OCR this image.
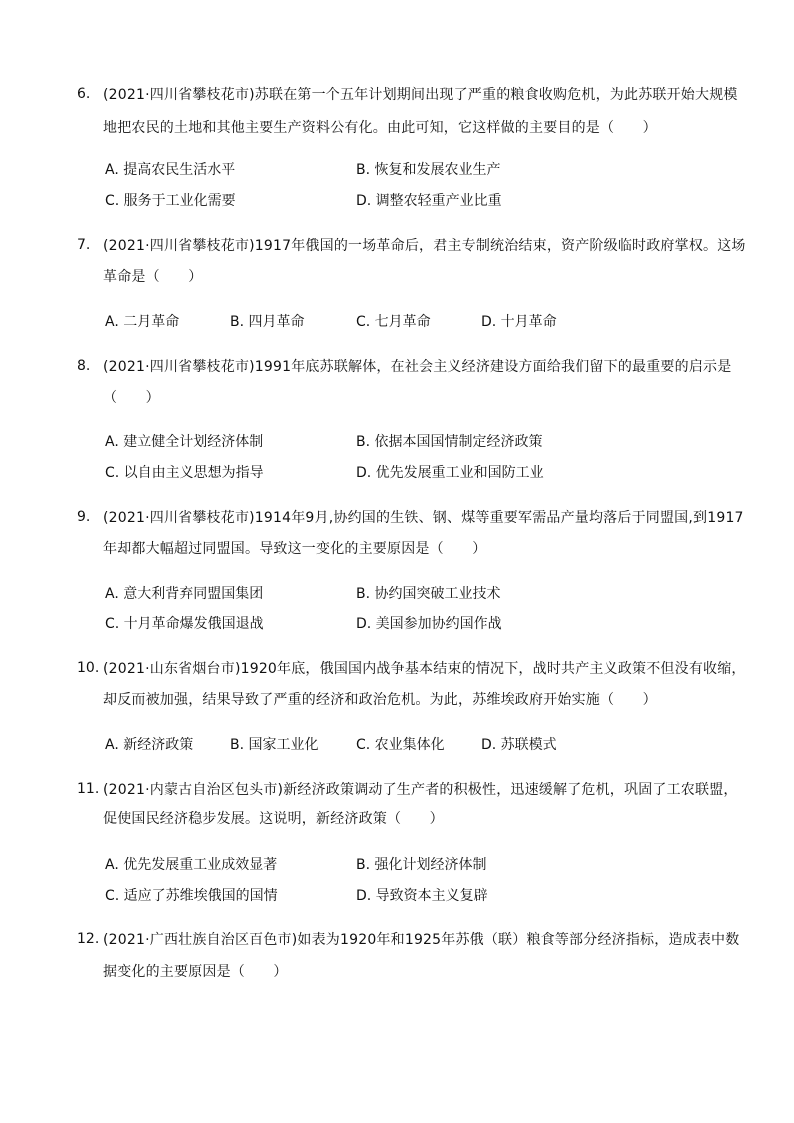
6. (2021·四川省攀枝花市)苏联在第一个五年计划期间出现了严重的粮食收购危机，为此苏联开始大规模
地把农民的土地和其他主要生产资料公有化。由此可知，它这样做的主要目的是（　　）
A. 提高农民生活水平	B. 恢复和发展农业生产
C. 服务于工业化需要	D. 调整农轻重产业比重
7. (2021·四川省攀枝花市)1917年俄国的一场革命后，君主专制统治结束，资产阶级临时政府掌权。这场
革命是（　　）
A. 二月革命	B. 四月革命	C. 七月革命	D. 十月革命
8. (2021·四川省攀枝花市)1991年底苏联解体，在社会主义经济建设方面给我们留下的最重要的启示是
（　　）
A. 建立健全计划经济体制	B. 依据本国国情制定经济政策
C. 以自由主义思想为指导	D. 优先发展重工业和国防工业
9. (2021·四川省攀枝花市)1914年9月,协约国的生铁、钢、煤等重要军需品产量均落后于同盟国,到1917
年却都大幅超过同盟国。导致这一变化的主要原因是（　　）
A. 意大利背弃同盟国集团	B. 协约国突破工业技术
C. 十月革命爆发俄国退战	D. 美国参加协约国作战
10. (2021·山东省烟台市)1920年底，俄国国内战争基本结束的情况下，战时共产主义政策不但没有收缩，
却反而被加强，结果导致了严重的经济和政治危机。为此，苏维埃政府开始实施（　　）
A. 新经济政策	B. 国家工业化	C. 农业集体化	D. 苏联模式
11. (2021·内蒙古自治区包头市)新经济政策调动了生产者的积极性，迅速缓解了危机，巩固了工农联盟，
促使国民经济稳步发展。这说明，新经济政策（　　）
A. 优先发展重工业成效显著	B. 强化计划经济体制
C. 适应了苏维埃俄国的国情	D. 导致资本主义复辟
12. (2021·广西壮族自治区百色市)如表为1920年和1925年苏俄（联）粮食等部分经济指标，造成表中数
据变化的主要原因是（　　）
